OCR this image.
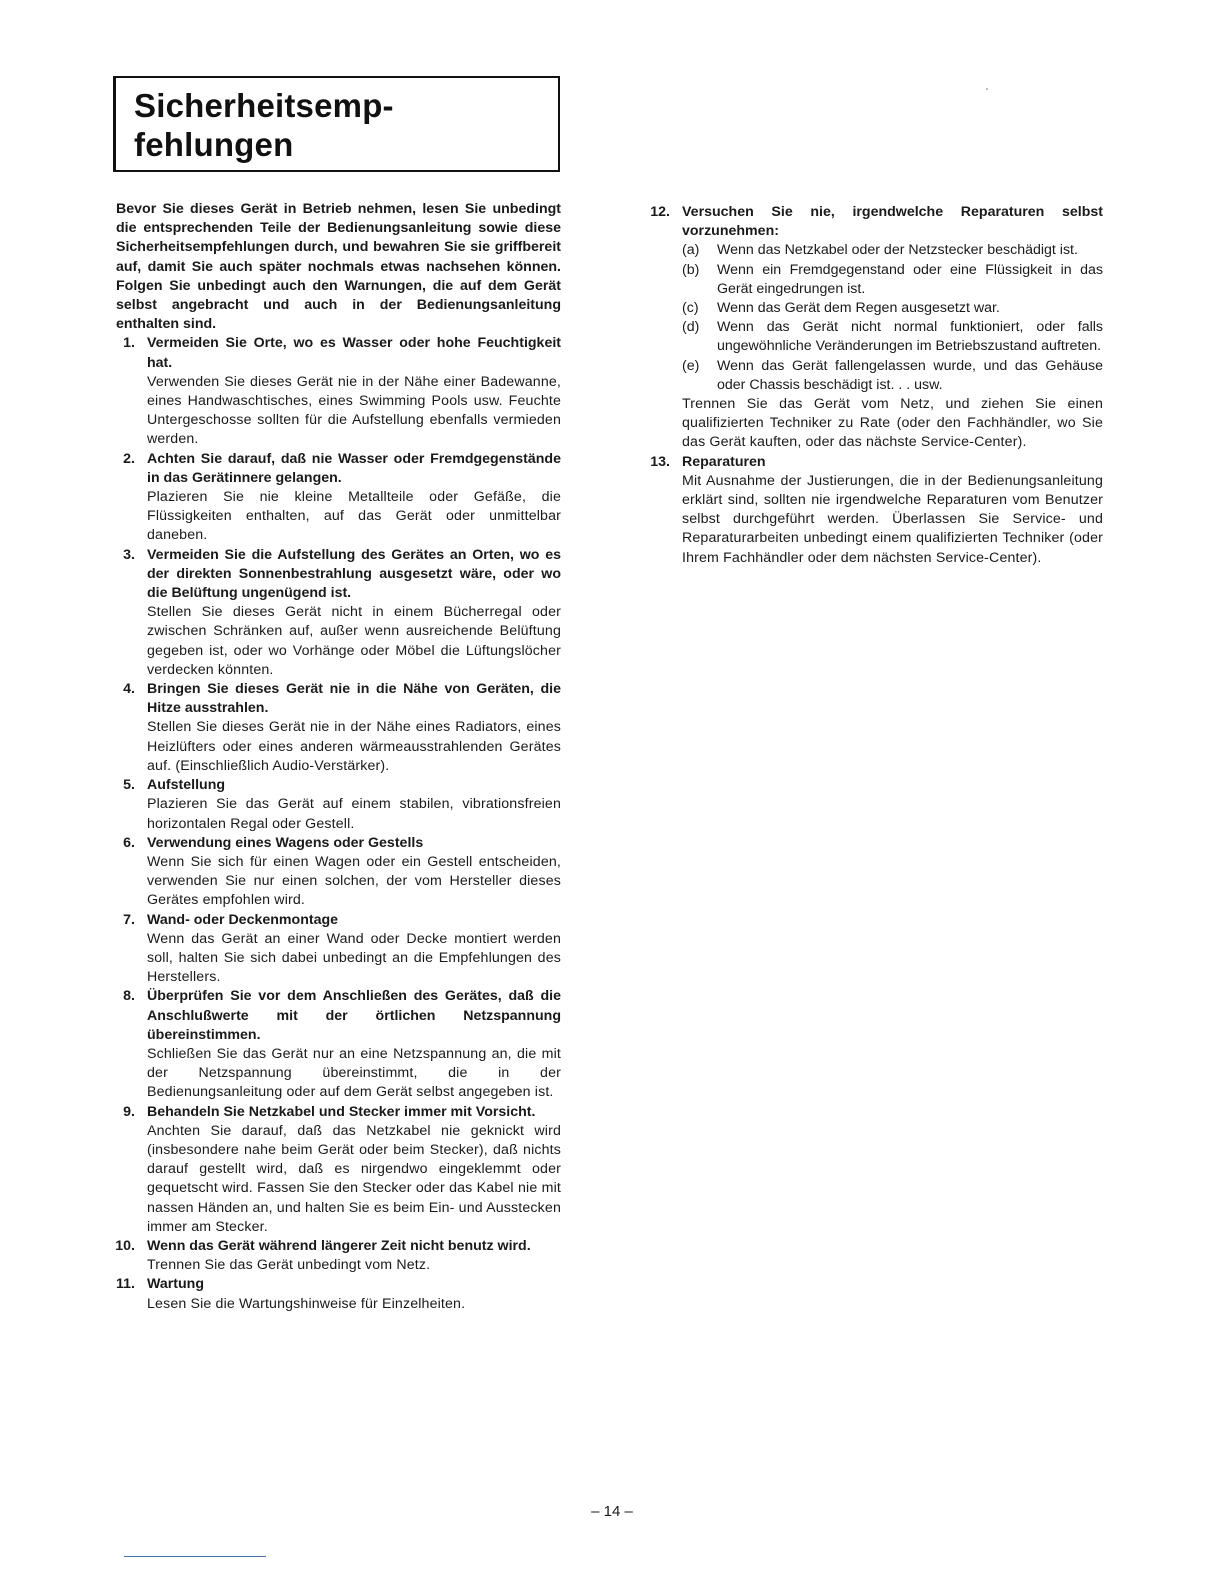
Sicherheitsemp-
fehlungen

Bevor Sie dieses Gerät in Betrieb nehmen, lesen Sie unbedingt die entsprechenden Teile der Bedienungsanleitung sowie diese Sicherheitsempfehlungen durch, und bewahren Sie sie griffbereit auf, damit Sie auch später nochmals etwas nachsehen können. Folgen Sie unbedingt auch den Warnungen, die auf dem Gerät selbst angebracht und auch in der Bedienungsanleitung enthalten sind.

1. Vermeiden Sie Orte, wo es Wasser oder hohe Feuchtigkeit hat.
Verwenden Sie dieses Gerät nie in der Nähe einer Badewanne, eines Handwaschtisches, eines Swimming Pools usw. Feuchte Untergeschosse sollten für die Aufstellung ebenfalls vermieden werden.
2. Achten Sie darauf, daß nie Wasser oder Fremdgegenstände in das Gerätinnere gelangen.
Plazieren Sie nie kleine Metallteile oder Gefäße, die Flüssigkeiten enthalten, auf das Gerät oder unmittelbar daneben.
3. Vermeiden Sie die Aufstellung des Gerätes an Orten, wo es der direkten Sonnenbestrahlung ausgesetzt wäre, oder wo die Belüftung ungenügend ist.
Stellen Sie dieses Gerät nicht in einem Bücherregal oder zwischen Schränken auf, außer wenn ausreichende Belüftung gegeben ist, oder wo Vorhänge oder Möbel die Lüftungslöcher verdecken könnten.
4. Bringen Sie dieses Gerät nie in die Nähe von Geräten, die Hitze ausstrahlen.
Stellen Sie dieses Gerät nie in der Nähe eines Radiators, eines Heizlüfters oder eines anderen wärmeausstrahlenden Gerätes auf. (Einschließlich Audio-Verstärker).
5. Aufstellung
Plazieren Sie das Gerät auf einem stabilen, vibrationsfreien horizontalen Regal oder Gestell.
6. Verwendung eines Wagens oder Gestells
Wenn Sie sich für einen Wagen oder ein Gestell entscheiden, verwenden Sie nur einen solchen, der vom Hersteller dieses Gerätes empfohlen wird.
7. Wand- oder Deckenmontage
Wenn das Gerät an einer Wand oder Decke montiert werden soll, halten Sie sich dabei unbedingt an die Empfehlungen des Herstellers.
8. Überprüfen Sie vor dem Anschließen des Gerätes, daß die Anschlußwerte mit der örtlichen Netzspannung übereinstimmen.
Schließen Sie das Gerät nur an eine Netzspannung an, die mit der Netzspannung übereinstimmt, die in der Bedienungsanleitung oder auf dem Gerät selbst angegeben ist.
9. Behandeln Sie Netzkabel und Stecker immer mit Vorsicht.
Anchten Sie darauf, daß das Netzkabel nie geknickt wird (insbesondere nahe beim Gerät oder beim Stecker), daß nichts darauf gestellt wird, daß es nirgendwo eingeklemmt oder gequetscht wird. Fassen Sie den Stecker oder das Kabel nie mit nassen Händen an, und halten Sie es beim Ein- und Ausstecken immer am Stecker.
10. Wenn das Gerät während längerer Zeit nicht benutz wird.
Trennen Sie das Gerät unbedingt vom Netz.
11. Wartung
Lesen Sie die Wartungshinweise für Einzelheiten.
12. Versuchen Sie nie, irgendwelche Reparaturen selbst vorzunehmen:
(a)	Wenn das Netzkabel oder der Netzstecker beschädigt ist.
(b)	Wenn ein Fremdgegenstand oder eine Flüssigkeit in das Gerät eingedrungen ist.
(c)	Wenn das Gerät dem Regen ausgesetzt war.
(d)	Wenn das Gerät nicht normal funktioniert, oder falls ungewöhnliche Veränderungen im Betriebszustand auftreten.
(e)	Wenn das Gerät fallengelassen wurde, und das Gehäuse oder Chassis beschädigt ist. . . usw.
Trennen Sie das Gerät vom Netz, und ziehen Sie einen qualifizierten Techniker zu Rate (oder den Fachhändler, wo Sie das Gerät kauften, oder das nächste Service-Center).
13. Reparaturen
Mit Ausnahme der Justierungen, die in der Bedienungsanleitung erklärt sind, sollten nie irgendwelche Reparaturen vom Benutzer selbst durchgeführt werden. Überlassen Sie Service- und Reparaturarbeiten unbedingt einem qualifizierten Techniker (oder Ihrem Fachhändler oder dem nächsten Service-Center).
– 14 –
